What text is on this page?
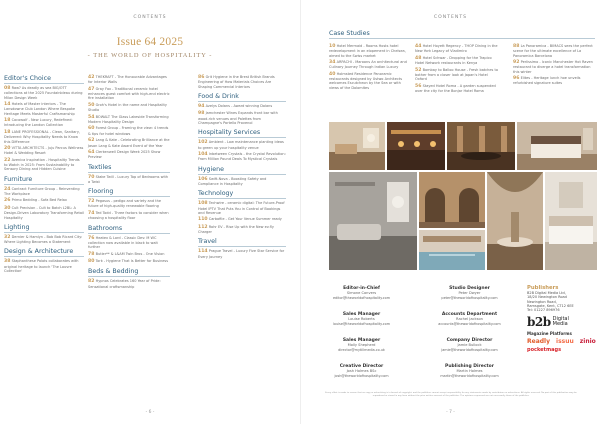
CONTENTS
Issue 64 2025
- THE WORLD OF HOSPITALITY -
Editor's Choice
08Raw? As deadly as sea BIG/OTT collections at the 2025 Fountainbleau during Milan Design Week
14Hotels of Master interiors - The Lansdowne Club London Where Bespoke Heritage Meets Masterful Craftsmanship
18Cocowolf - New Luxury, Redefined: Introducing the London Collection
18LANE PROFESSIONAL - Clean, Sanitary, Delivered: Why Hospitality Needs to Know this Difference
20VITTA ARCHITECTS - Juju Parcus Wellness Hotel & Wedding Resort
22Avenica Inspiration - Hospitality Trends to Watch in 2025: From Sustainability to Sensory Dining and Hidden Cuisine
Furniture
24Contract Furniture Group - Reinventing The Workplace
26Primo Bedding - Sofa Bed Relax
30Cult Precision - Cult to Batch L2BL: A Design-Driven Laboratory Transforming Retail Hospitality
Lighting
32Dernier & Hamlyn - Bob Bob Ricard City: Where Lighting Becomes a Statement
Design & Architecture
38Staphanthese Palots collaborates with original heritage to launch 'The Louvre Collection'
42THEKRAFT - The Honourable Advantages for Interior Walls
47Gray Fox - Traditional ceramic hotel enhances guest comfort with high-end electric fire installation
50Groh's Hotel in the name and Hospitality Studio
54BOWALT The Glass Lakeside Transforming Modern Hospitality Design
60Forest Group - Framing the view: 4 trends & tips for hotel windows
62Lang & Kate - Celebrating Brilliance at the Jason Lang & Kate Award Event of the Year
64Clerkenwell Design Week 2025 Show Preview
Textiles
70Stake Twill - Luxury Top of Bedrooms with a Twist
Flooring
72Pegasus - pedigo and variety and the future of high-quality renewable flooring
74Ted Todd - Three factors to consider when choosing a hospitality floor
Bathrooms
76Heatex & Lord - Classic Dev: M WC collection now available in black to wait further
78Butler** & L&AM Twin Bros - One Vision
80Tork - Hygiene That Is Better for Business
Beds & Bedding
82Hypnos Celebrates 160 Year of Pride: Sensational craftsmanship
86Grit Hygiene in the Brest British Brands Engineering of How Materials Choices Are Shaping Commercial Interiors
Food & Drink
94Azelys Dolans - Award winning Dolans
98Jamchester Wines Expands front bar with wood-rich venues and Palettes from Champagne's Portello Provenol
Hospitality Services
102Ambient - Low maintenance planting ideas to green up your hospitality venue
104Inbetween Crystals - the Crystal Revolution: From Million Pound Deals To Mystical Crystals
Hygiene
106Swift-Nova - Boosting Safety and Compliance in Hospitality
Technology
108Techwire - ceramic digital: The Future-Proof Hotel IPTV That Puts You in Control of Bookings and Revenue
110Carbofile - Get Your Venue Summer ready
112Rohr EV - Rise Up with the New ev.fly Charger
Travel
114Prague Travel - Luxury Five Star Service for Every Journey
- 6 -
CONTENTS
Case Studies
10Hotel Mermaid - Rooms Hosts hotel redevelopment in an elopement in Chelsea, aimed to the Swiss market
34ARPACHI - Maroons An architectural and Culinary Journey Through Indian Luxury
40Holmsted Residence Panoramic restaurants designed by Ustwo Architects welcomes Escutcheon by the Sea or with views of the Dolomites
44Hotel Hoyett Regency - THOP Dining in the New York Legacy of Vladimiro
48Hotel Schwar - Dropping for the Trapico Hotel Network restaurants in Kenya
52Bombay to Balloo House - Fresh batches to bother from a closer look at Japan's Hotel Oxford
56Stayed Hotel Roma - A garden suspended over the city for the Bonjar Hotel Roma
88La Panoramica - BIMACS sees the perfect scene for the ultimate excellence of La Panoramica Barcelona
92Perlissimo - Iconic Manchester Hot Raven restaurant to diverge a hotel transformation this winter
96Elites - Heritage lunch hoe unveils refurbished signature suites
Editor-in-Chief
Simone Convers
editor@theworldofhospitality.com
Studio Designer
Peter Dwyer
peter@theworldofhospitality.com
Sales Manager
Louise Roberts
louise@theworldofhospitality.com
Accounts Department
Rachel Jackson
accounts@theworldofhospitality.com
Sales Manager
Molly Shepherd
director@mytillmedia.co.uk
Company Director
Jamie Bullock
jamie@theworldofhospitality.com
Creative Director
Josh Holmes BSc
josh@theworldofhospitality.com
Publishing Director
Martin Holmes
martin@theworldofhospitality.com
Publishers
B2B Digital Media Ltd,
18/20 Newington Road
Newington Road,
Ramsgate, Kent, CT12 6EE
Tel: 01227 896976
b2b Digital Media
Magazine Platforms
Readly issuu zinio
pocketmags
Every effort is made to ensure that no copy or advertising is in breach of copyright, and the publisher cannot accept responsibility for any statements made by contributors or advertisers. All rights reserved. No part of this publication may be reproduced or stored in any form without the prior written consent of the publisher. The opinions expressed are not necessarily those of the publisher.
- 7 -
